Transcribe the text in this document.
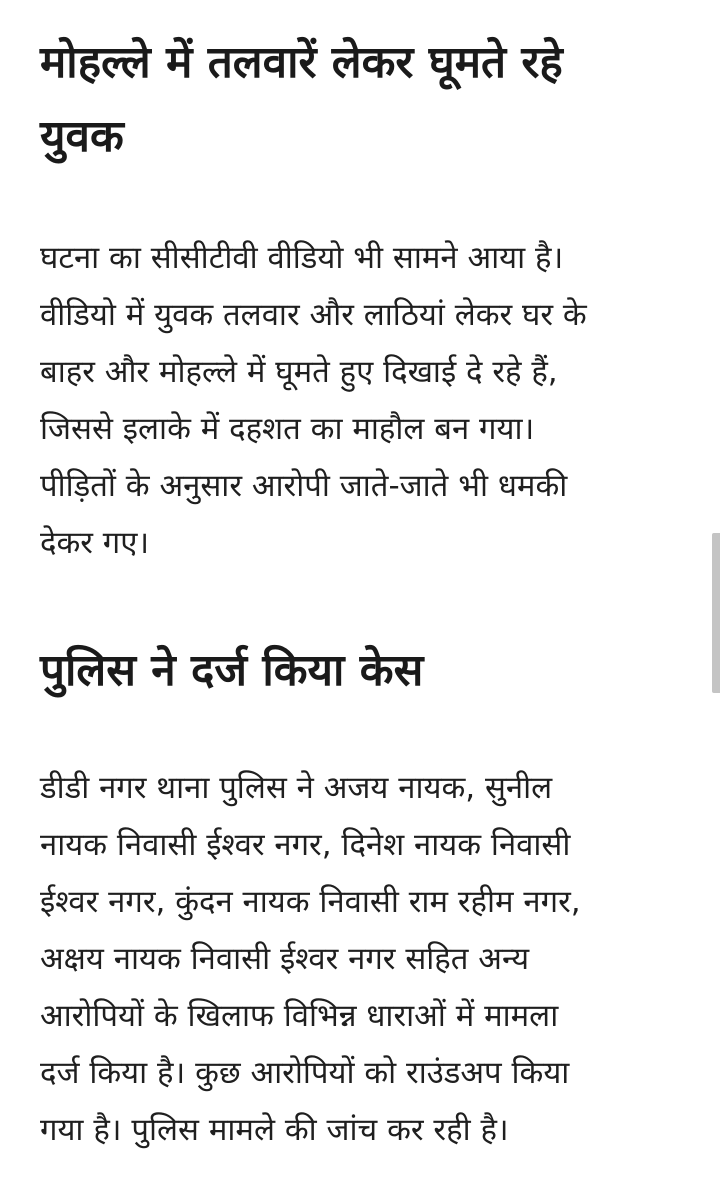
मोहल्ले में तलवारें लेकर घूमते रहे
युवक

घटना का सीसीटीवी वीडियो भी सामने आया है।
वीडियो में युवक तलवार और लाठियां लेकर घर के
बाहर और मोहल्ले में घूमते हुए दिखाई दे रहे हैं,
जिससे इलाके में दहशत का माहौल बन गया।
पीड़ितों के अनुसार आरोपी जाते-जाते भी धमकी
देकर गए।

पुलिस ने दर्ज किया केस

डीडी नगर थाना पुलिस ने अजय नायक, सुनील
नायक निवासी ईश्वर नगर, दिनेश नायक निवासी
ईश्वर नगर, कुंदन नायक निवासी राम रहीम नगर,
अक्षय नायक निवासी ईश्वर नगर सहित अन्य
आरोपियों के खिलाफ विभिन्न धाराओं में मामला
दर्ज किया है। कुछ आरोपियों को राउंडअप किया
गया है। पुलिस मामले की जांच कर रही है।
